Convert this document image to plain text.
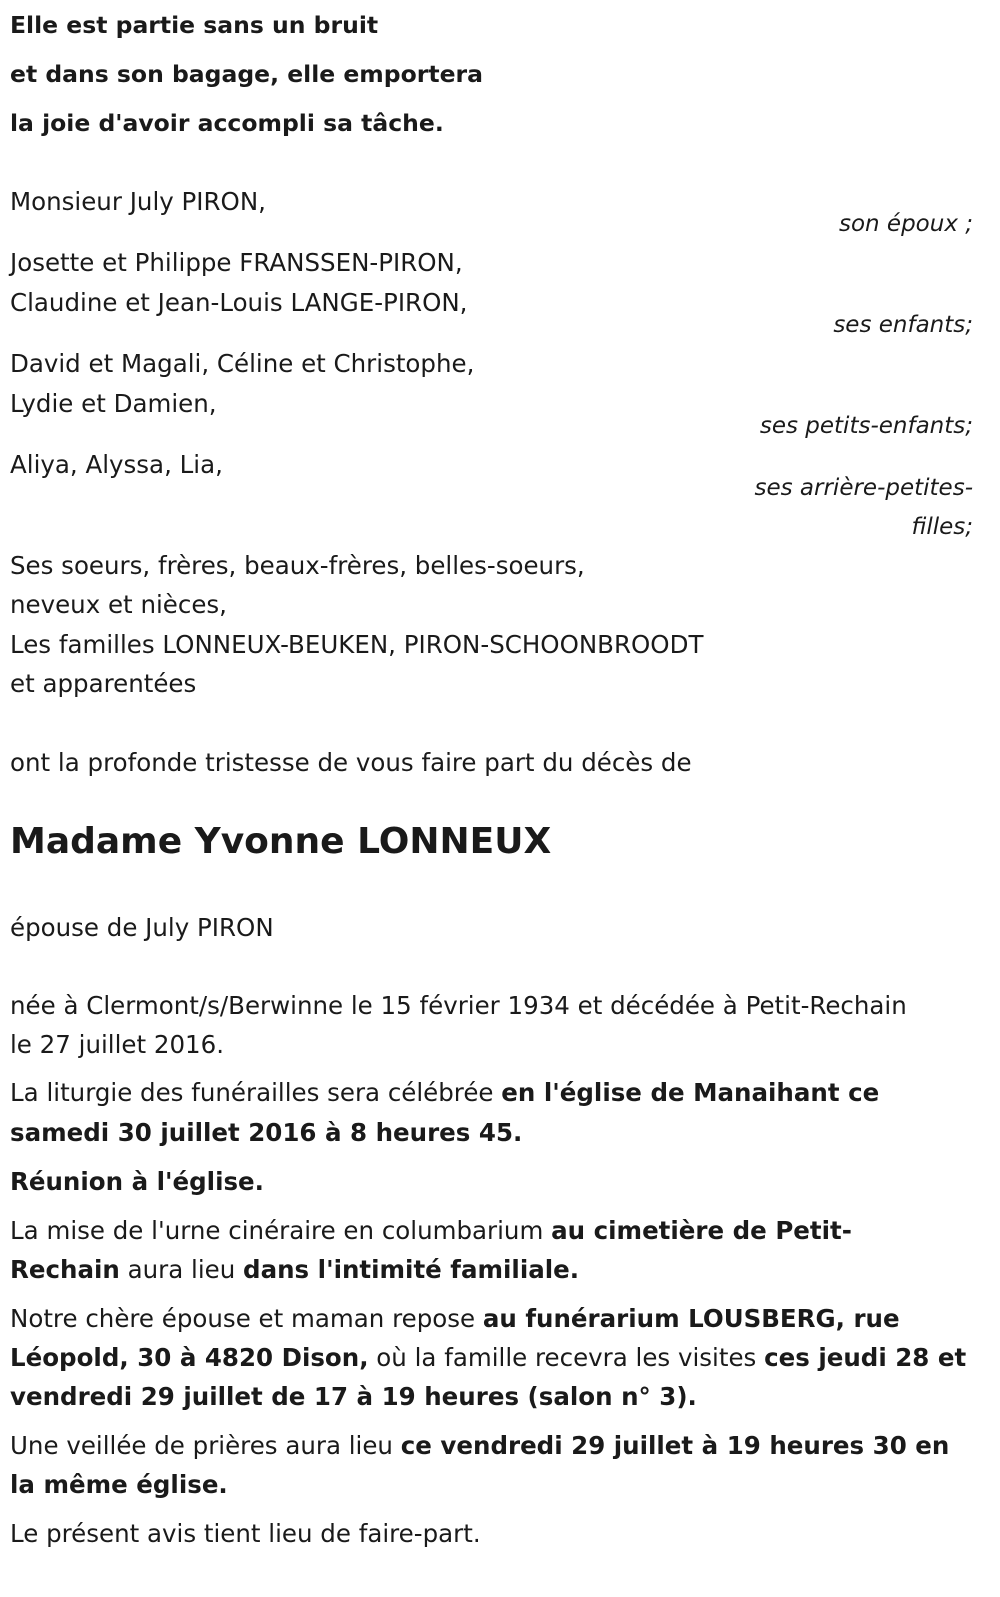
Elle est partie sans un bruit
et dans son bagage, elle emportera
la joie d'avoir accompli sa tâche.
Monsieur July PIRON,
son époux ;
Josette et Philippe FRANSSEN-PIRON,
Claudine et Jean-Louis LANGE-PIRON,
ses enfants;
David et Magali, Céline et Christophe,
Lydie et Damien,
ses petits-enfants;
Aliya, Alyssa, Lia,
ses arrière-petites-
filles;
Ses soeurs, frères, beaux-frères, belles-soeurs,
neveux et nièces,
Les familles LONNEUX-BEUKEN, PIRON-SCHOONBROODT
et apparentées
ont la profonde tristesse de vous faire part du décès de
Madame Yvonne LONNEUX
épouse de July PIRON
née à Clermont/s/Berwinne le 15 février 1934 et décédée à Petit-Rechain
le 27 juillet 2016.
La liturgie des funérailles sera célébrée en l'église de Manaihant ce
samedi 30 juillet 2016 à 8 heures 45.
Réunion à l'église.
La mise de l'urne cinéraire en columbarium au cimetière de Petit-
Rechain aura lieu dans l'intimité familiale.
Notre chère épouse et maman repose au funérarium LOUSBERG, rue
Léopold, 30 à 4820 Dison, où la famille recevra les visites ces jeudi 28 et
vendredi 29 juillet de 17 à 19 heures (salon n° 3).
Une veillée de prières aura lieu ce vendredi 29 juillet à 19 heures 30 en
la même église.
Le présent avis tient lieu de faire-part.
